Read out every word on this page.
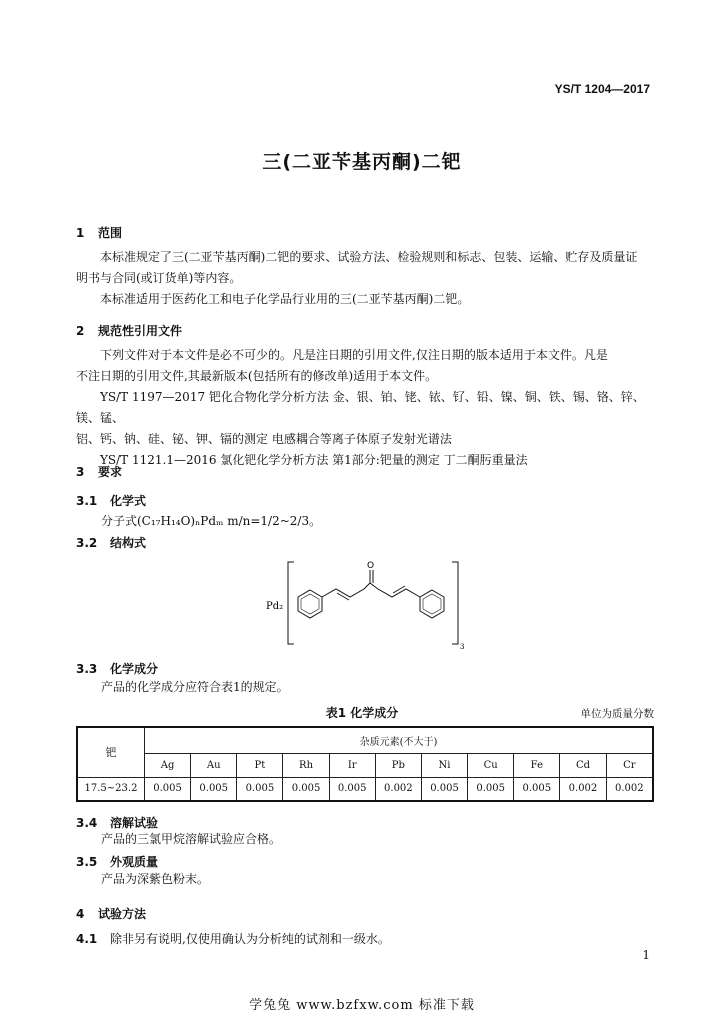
YS/T 1204—2017
三(二亚苄基丙酮)二钯
1 范围
本标准规定了三(二亚苄基丙酮)二钯的要求、试验方法、检验规则和标志、包装、运输、贮存及质量证
明书与合同(或订货单)等内容。
本标准适用于医药化工和电子化学品行业用的三(二亚苄基丙酮)二钯。
2 规范性引用文件
下列文件对于本文件是必不可少的。凡是注日期的引用文件,仅注日期的版本适用于本文件。凡是
不注日期的引用文件,其最新版本(包括所有的修改单)适用于本文件。
YS/T 1197—2017 钯化合物化学分析方法 金、银、铂、铑、铱、钌、铅、镍、铜、铁、锡、铬、锌、镁、锰、
铝、钙、钠、硅、铋、钾、镉的测定 电感耦合等离子体原子发射光谱法
YS/T 1121.1—2016 氯化钯化学分析方法 第1部分:钯量的测定 丁二酮肟重量法
3 要求
3.1 化学式
分子式(C₁₇H₁₄O)ₙPdₘ m/n=1/2~2/3。
3.2 结构式
Pd₂
3
O
3.3 化学成分
产品的化学成分应符合表1的规定。
表1 化学成分	单位为质量分数
钯	杂质元素(不大于)										
	Ag	Au	Pt	Rh	Ir	Pb	Ni	Cu	Fe	Cd	Cr
17.5~23.2	0.005	0.005	0.005	0.005	0.005	0.002	0.005	0.005	0.005	0.002	0.002
3.4 溶解试验
产品的三氯甲烷溶解试验应合格。
3.5 外观质量
产品为深紫色粉末。
4 试验方法
4.1 除非另有说明,仅使用确认为分析纯的试剂和一级水。
1
学兔兔 www.bzfxw.com 标准下载
